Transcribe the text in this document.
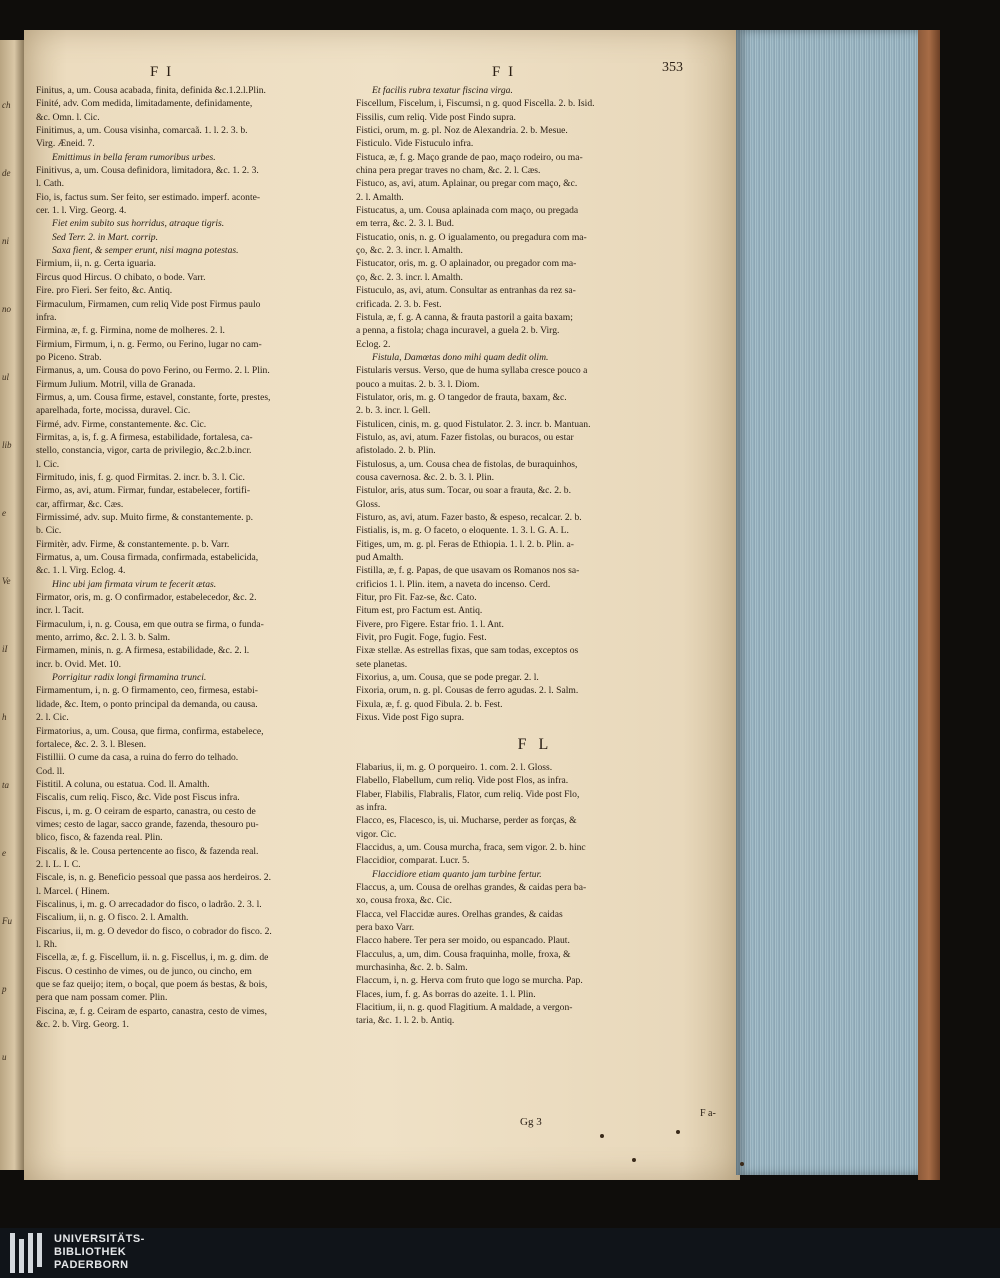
ch
de
ni
no
ul
lib
e
Ve
iI
h
ta
e
Fu
p
u
F I	F I	353
Finitus, a, um. Cousa acabada, finita, definida &c.1.2.l.Plin.
Finité, adv. Com medida, limitadamente, definidamente,
&c. Omn. l. Cic.
Finitimus, a, um. Cousa visinha, comarcaã. 1. l. 2. 3. b.
Virg. Æneid. 7.
Emittimus in bella feram rumoribus urbes.
Finitivus, a, um. Cousa definidora, limitadora, &c. 1. 2. 3.
l. Cath.
Fio, is, factus sum. Ser feito, ser estimado. imperf. aconte-
cer. 1. l. Virg. Georg. 4.
Fiet enim subito sus horridus, atraque tigris.
Sed Terr. 2. in Mart. corrip.
Saxa fient, & semper erunt, nisi magna potestas.
Firmium, ii, n. g. Certa iguaria.
Fircus quod Hircus. O chibato, o bode. Varr.
Fire. pro Fieri. Ser feito, &c. Antiq.
Firmaculum, Firmamen, cum reliq Vide post Firmus paulo
infra.
Firmina, æ, f. g. Firmina, nome de molheres. 2. l.
Firmium, Firmum, i, n. g. Fermo, ou Ferino, lugar no cam-
po Piceno. Strab.
Firmanus, a, um. Cousa do povo Ferino, ou Fermo. 2. l. Plin.
Firmum Julium. Motril, villa de Granada.
Firmus, a, um. Cousa firme, estavel, constante, forte, prestes,
aparelhada, forte, mocissa, duravel. Cic.
Firmé, adv. Firme, constantemente. &c. Cic.
Firmitas, a, is, f. g. A firmesa, estabilidade, fortalesa, ca-
stello, constancia, vigor, carta de privilegio, &c.2.b.incr.
l. Cic.
Firmitudo, inis, f. g. quod Firmitas. 2. incr. b. 3. l. Cic.
Firmo, as, avi, atum. Firmar, fundar, estabelecer, fortifi-
car, affirmar, &c. Cæs.
Firmissimé, adv. sup. Muito firme, & constantemente. p.
b. Cic.
Firmitèr, adv. Firme, & constantemente. p. b. Varr.
Firmatus, a, um. Cousa firmada, confirmada, estabelicida,
&c. 1. l. Virg. Eclog. 4.
Hinc ubi jam firmata virum te fecerit ætas.
Firmator, oris, m. g. O confirmador, estabelecedor, &c. 2.
incr. l. Tacit.
Firmaculum, i, n. g. Cousa, em que outra se firma, o funda-
mento, arrimo, &c. 2. l. 3. b. Salm.
Firmamen, minis, n. g. A firmesa, estabilidade, &c. 2. l.
incr. b. Ovid. Met. 10.
Porrigitur radix longi firmamina trunci.
Firmamentum, i, n. g. O firmamento, ceo, firmesa, estabi-
lidade, &c. Item, o ponto principal da demanda, ou causa.
2. l. Cic.
Firmatorius, a, um. Cousa, que firma, confirma, estabelece,
fortalece, &c. 2. 3. l. Blesen.
Fistillii. O cume da casa, a ruina do ferro do telhado.
Cod. ll.
Fistitil. A coluna, ou estatua. Cod. ll. Amalth.
Fiscalis, cum reliq. Fisco, &c. Vide post Fiscus infra.
Fiscus, i, m. g. O ceiram de esparto, canastra, ou cesto de
vimes; cesto de lagar, sacco grande, fazenda, thesouro pu-
blico, fisco, & fazenda real. Plin.
Fiscalis, & le. Cousa pertencente ao fisco, & fazenda real.
2. l. L. I. C.
Fiscale, is, n. g. Beneficio pessoal que passa aos herdeiros. 2.
l. Marcel. ( Hinem.
Fiscalinus, i, m. g. O arrecadador do fisco, o ladrão. 2. 3. l.
Fiscalium, ii, n. g. O fisco. 2. l. Amalth.
Fiscarius, ii, m. g. O devedor do fisco, o cobrador do fisco. 2.
l. Rh.
Fiscella, æ, f. g. Fiscellum, ii. n. g. Fiscellus, i, m. g. dim. de
Fiscus. O cestinho de vimes, ou de junco, ou cincho, em
que se faz queijo; item, o boçal, que poem ás bestas, & bois,
pera que nam possam comer. Plin.
Fiscina, æ, f. g. Ceiram de esparto, canastra, cesto de vimes,
&c. 2. b. Virg. Georg. 1.
Et facilis rubra texatur fiscina virga.
Fiscellum, Fiscelum, i, Fiscumsi, n g. quod Fiscella. 2. b. Isid.
Fissilis, cum reliq. Vide post Findo supra.
Fistici, orum, m. g. pl. Noz de Alexandria. 2. b. Mesue.
Fisticulo. Vide Fistuculo infra.
Fistuca, æ, f. g. Maço grande de pao, maço rodeiro, ou ma-
china pera pregar traves no cham, &c. 2. l. Cæs.
Fistuco, as, avi, atum. Aplainar, ou pregar com maço, &c.
2. l. Amalth.
Fistucatus, a, um. Cousa aplainada com maço, ou pregada
em terra, &c. 2. 3. l. Bud.
Fistucatio, onis, n. g. O igualamento, ou pregadura com ma-
ço, &c. 2. 3. incr. l. Amalth.
Fistucator, oris, m. g. O aplainador, ou pregador com ma-
ço, &c. 2. 3. incr. l. Amalth.
Fistuculo, as, avi, atum. Consultar as entranhas da rez sa-
crificada. 2. 3. b. Fest.
Fistula, æ, f. g. A canna, & frauta pastoril a gaita baxam;
a penna, a fistola; chaga incuravel, a guela 2. b. Virg.
Eclog. 2.
Fistula, Damœtas dono mihi quam dedit olim.
Fistularis versus. Verso, que de huma syllaba cresce pouco a
pouco a muitas. 2. b. 3. l. Diom.
Fistulator, oris, m. g. O tangedor de frauta, baxam, &c.
2. b. 3. incr. l. Gell.
Fistulicen, cinis, m. g. quod Fistulator. 2. 3. incr. b. Mantuan.
Fistulo, as, avi, atum. Fazer fistolas, ou buracos, ou estar
afistolado. 2. b. Plin.
Fistulosus, a, um. Cousa chea de fistolas, de buraquinhos,
cousa cavernosa. &c. 2. b. 3. l. Plin.
Fistulor, aris, atus sum. Tocar, ou soar a frauta, &c. 2. b.
Gloss.
Fisturo, as, avi, atum. Fazer basto, & espeso, recalcar. 2. b.
Fistialis, is, m. g. O faceto, o eloquente. 1. 3. l. G. A. L.
Fitiges, um, m. g. pl. Feras de Ethiopia. 1. l. 2. b. Plin. a-
pud Amalth.
Fistilla, æ, f. g. Papas, de que usavam os Romanos nos sa-
crificios 1. l. Plin. item, a naveta do incenso. Cerd.
Fitur, pro Fit. Faz-se, &c. Cato.
Fitum est, pro Factum est. Antiq.
Fivere, pro Figere. Estar frio. 1. l. Ant.
Fivit, pro Fugit. Foge, fugio. Fest.
Fixæ stellæ. As estrellas fixas, que sam todas, exceptos os
sete planetas.
Fixorius, a, um. Cousa, que se pode pregar. 2. l.
Fixoria, orum, n. g. pl. Cousas de ferro agudas. 2. l. Salm.
Fixula, æ, f. g. quod Fibula. 2. b. Fest.
Fixus. Vide post Figo supra.
F L
Flabarius, ii, m. g. O porqueiro. 1. com. 2. l. Gloss.
Flabello, Flabellum, cum reliq. Vide post Flos, as infra.
Flaber, Flabilis, Flabralis, Flator, cum reliq. Vide post Flo,
as infra.
Flacco, es, Flacesco, is, ui. Mucharse, perder as forças, &
vigor. Cic.
Flaccidus, a, um. Cousa murcha, fraca, sem vigor. 2. b. hinc
Flaccidior, comparat. Lucr. 5.
Flaccidiore etiam quanto jam turbine fertur.
Flaccus, a, um. Cousa de orelhas grandes, & caidas pera ba-
xo, cousa froxa, &c. Cic.
Flacca, vel Flaccidæ aures. Orelhas grandes, & caidas
pera baxo Varr.
Flacco habere. Ter pera ser moido, ou espancado. Plaut.
Flacculus, a, um, dim. Cousa fraquinha, molle, froxa, &
murchasinha, &c. 2. b. Salm.
Flaccum, i, n. g. Herva com fruto que logo se murcha. Pap.
Flaces, ium, f. g. As borras do azeite. 1. l. Plin.
Flacitium, ii, n. g. quod Flagitium. A maldade, a vergon-
taria, &c. 1. l. 2. b. Antiq.
Gg 3
F a-
UNIVERSITÄTS-
BIBLIOTHEK
PADERBORN
